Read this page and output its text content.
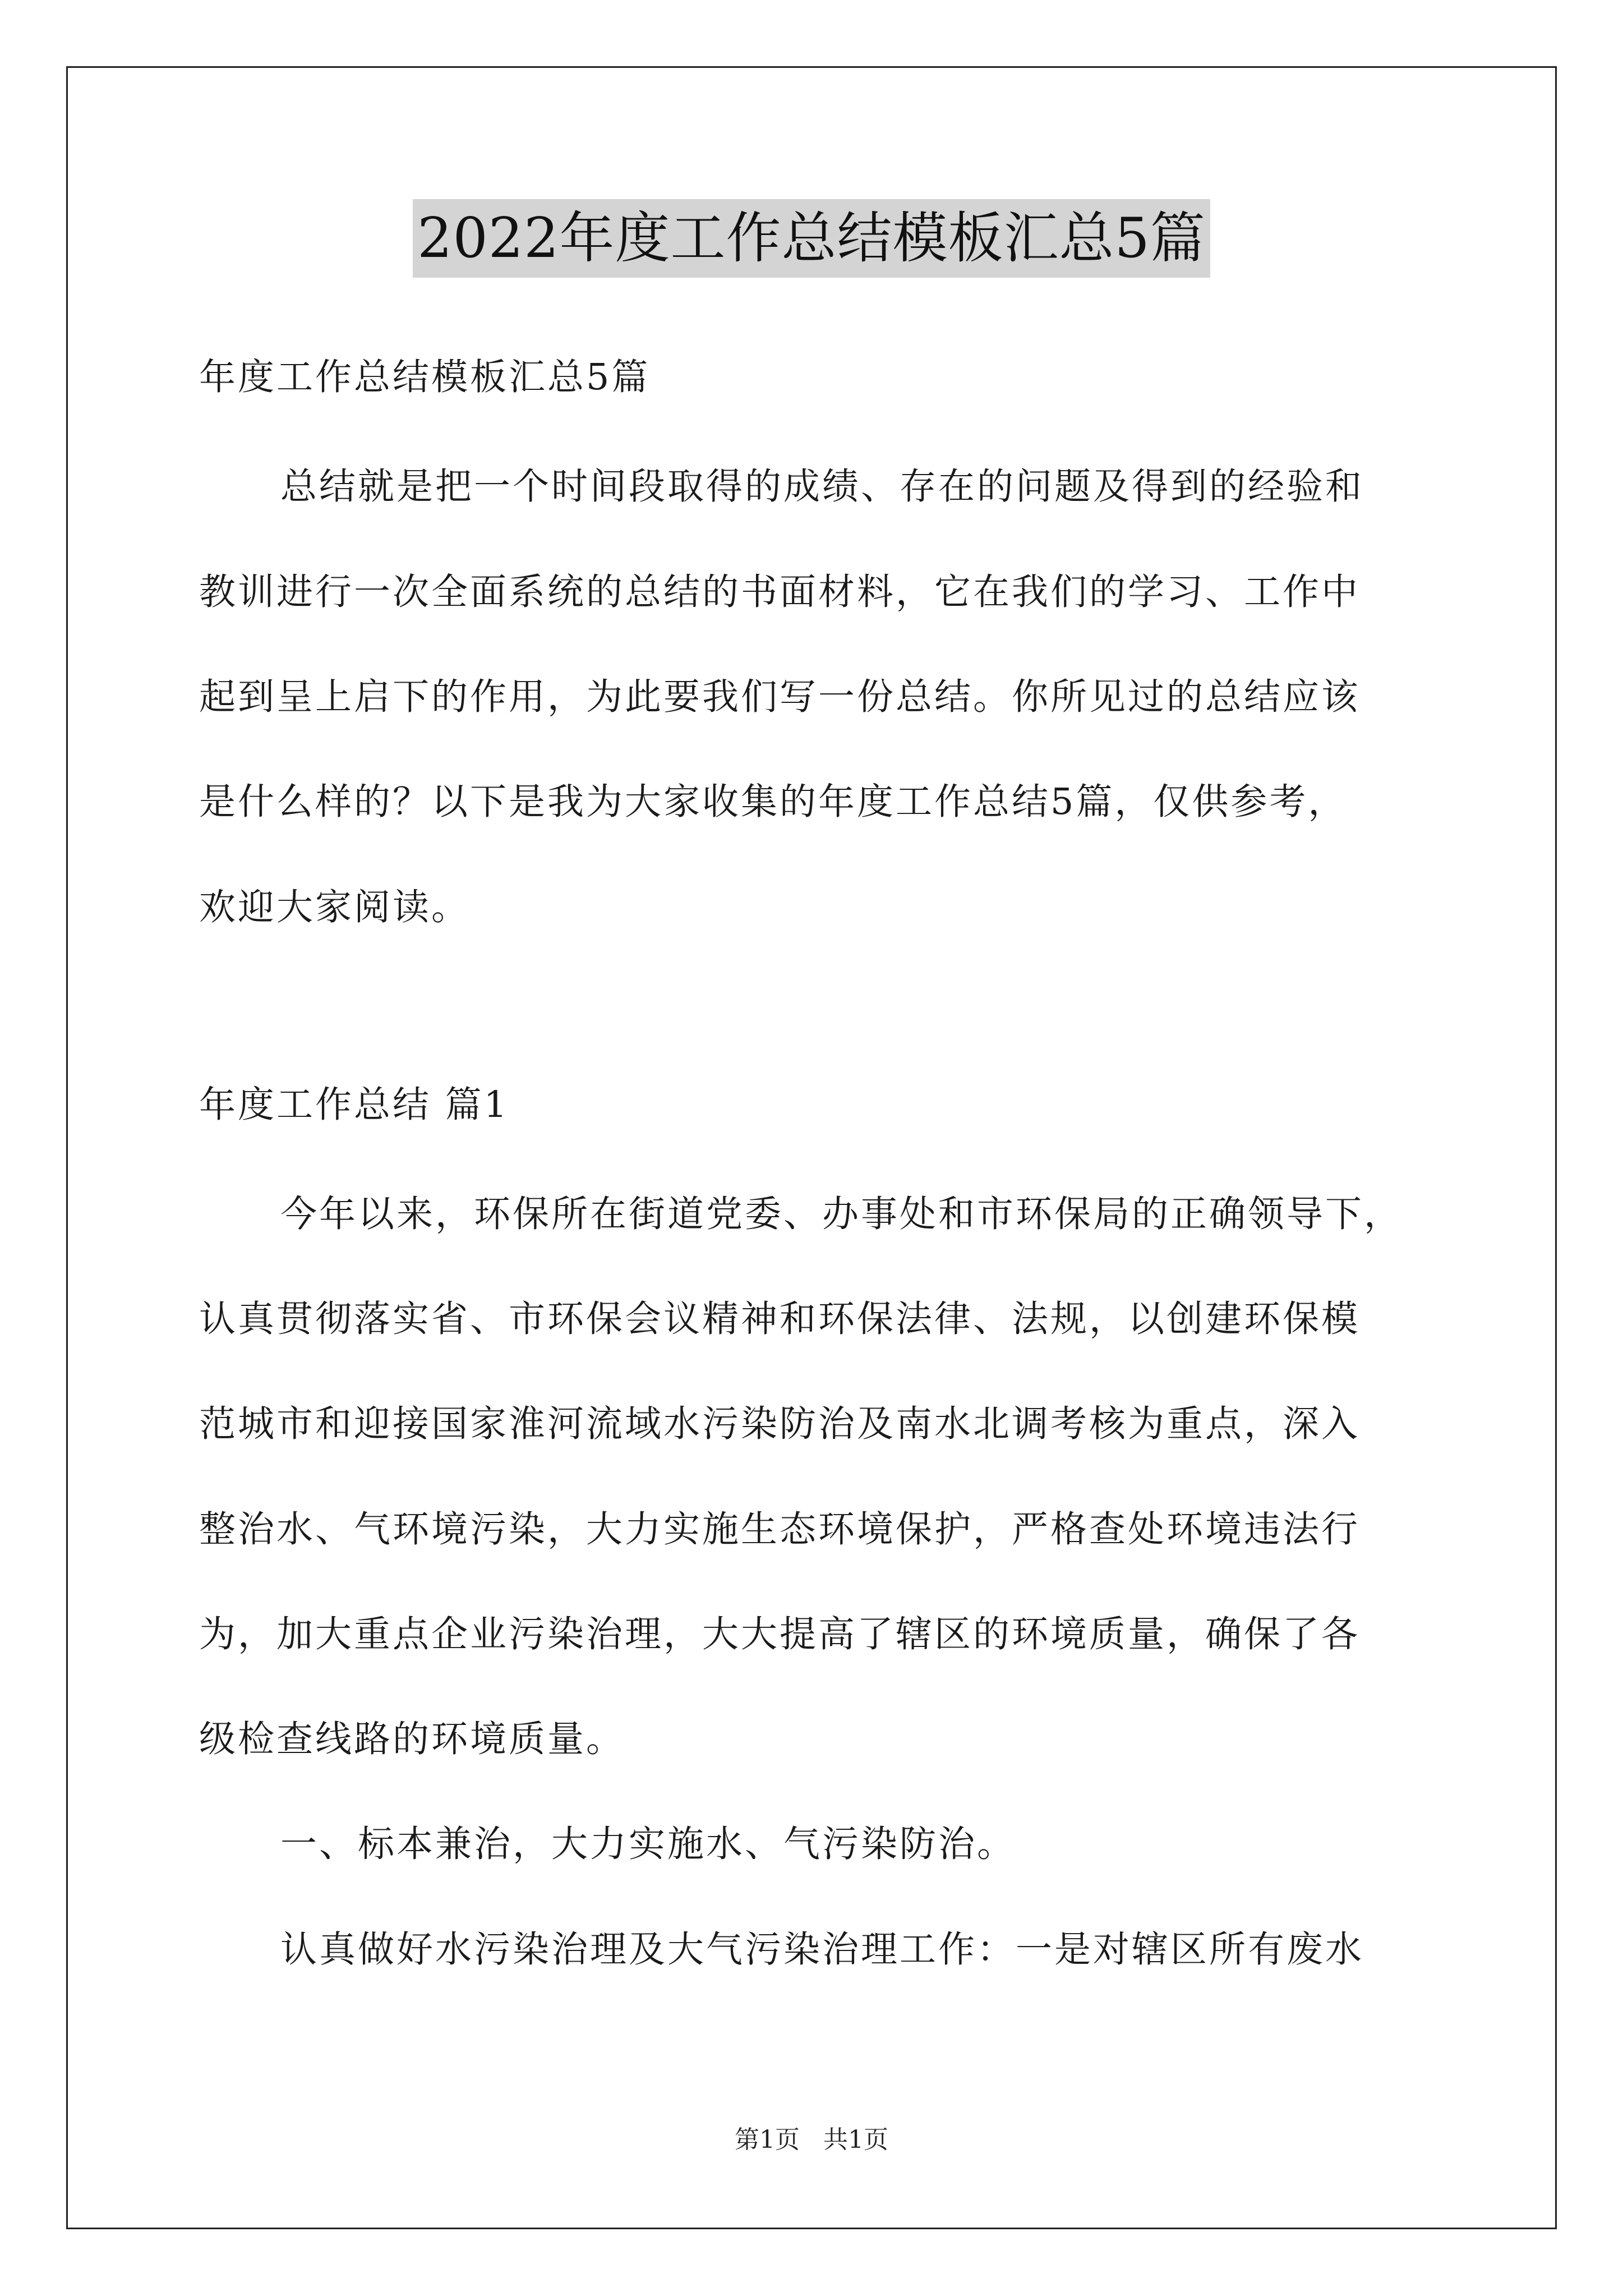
2022年度工作总结模板汇总5篇
年度工作总结模板汇总5篇
总结就是把一个时间段取得的成绩、存在的问题及得到的经验和
教训进行一次全面系统的总结的书面材料，它在我们的学习、工作中
起到呈上启下的作用，为此要我们写一份总结。你所见过的总结应该
是什么样的？以下是我为大家收集的年度工作总结5篇，仅供参考，
欢迎大家阅读。
年度工作总结 篇1
今年以来，环保所在街道党委、办事处和市环保局的正确领导下，
认真贯彻落实省、市环保会议精神和环保法律、法规，以创建环保模
范城市和迎接国家淮河流域水污染防治及南水北调考核为重点，深入
整治水、气环境污染，大力实施生态环境保护，严格查处环境违法行
为，加大重点企业污染治理，大大提高了辖区的环境质量，确保了各
级检查线路的环境质量。
一、标本兼治，大力实施水、气污染防治。
认真做好水污染治理及大气污染治理工作：一是对辖区所有废水
第1页 共1页
